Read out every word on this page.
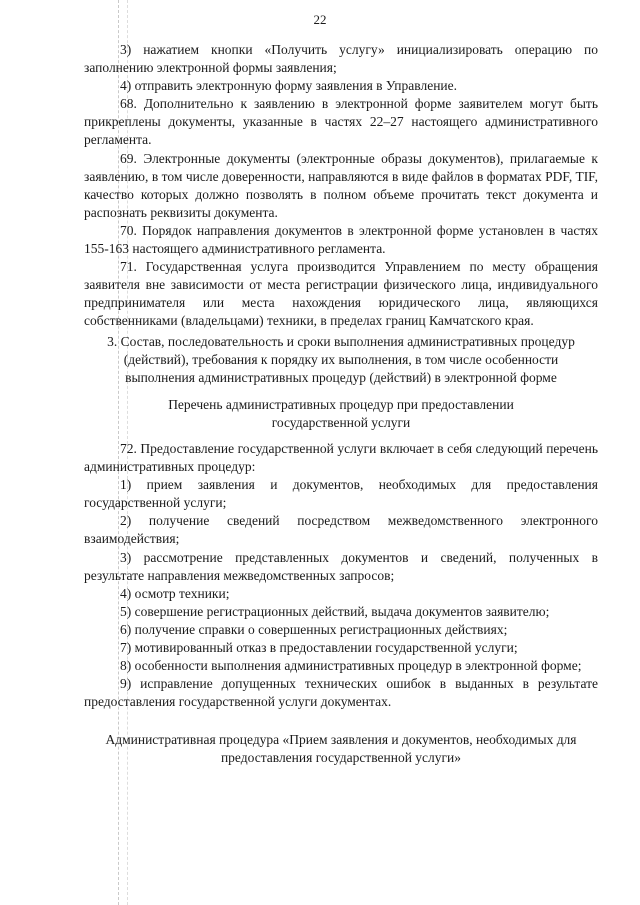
22

3) нажатием кнопки «Получить услугу» инициализировать операцию по заполнению электронной формы заявления;

4) отправить электронную форму заявления в Управление.

68. Дополнительно к заявлению в электронной форме заявителем могут быть прикреплены документы, указанные в частях 22–27 настоящего административного регламента.

69. Электронные документы (электронные образы документов), прилагаемые к заявлению, в том числе доверенности, направляются в виде файлов в форматах PDF, TIF, качество которых должно позволять в полном объеме прочитать текст документа и распознать реквизиты документа.

70. Порядок направления документов в электронной форме установлен в частях 155-163 настоящего административного регламента.

71. Государственная услуга производится Управлением по месту обращения заявителя вне зависимости от места регистрации физического лица, индивидуального предпринимателя или места нахождения юридического лица, являющихся собственниками (владельцами) техники, в пределах границ Камчатского края.

3. Состав, последовательность и сроки выполнения административных процедур (действий), требования к порядку их выполнения, в том числе особенности выполнения административных процедур (действий) в электронной форме

Перечень административных процедур при предоставлении государственной услуги

72. Предоставление государственной услуги включает в себя следующий перечень административных процедур:

1) прием заявления и документов, необходимых для предоставления государственной услуги;

2) получение сведений посредством межведомственного электронного взаимодействия;

3) рассмотрение представленных документов и сведений, полученных в результате направления межведомственных запросов;

4) осмотр техники;

5) совершение регистрационных действий, выдача документов заявителю;

6) получение справки о совершенных регистрационных действиях;

7) мотивированный отказ в предоставлении государственной услуги;

8) особенности выполнения административных процедур в электронной форме;

9) исправление допущенных технических ошибок в выданных в результате предоставления государственной услуги документах.

Административная процедура «Прием заявления и документов, необходимых для предоставления государственной услуги»
